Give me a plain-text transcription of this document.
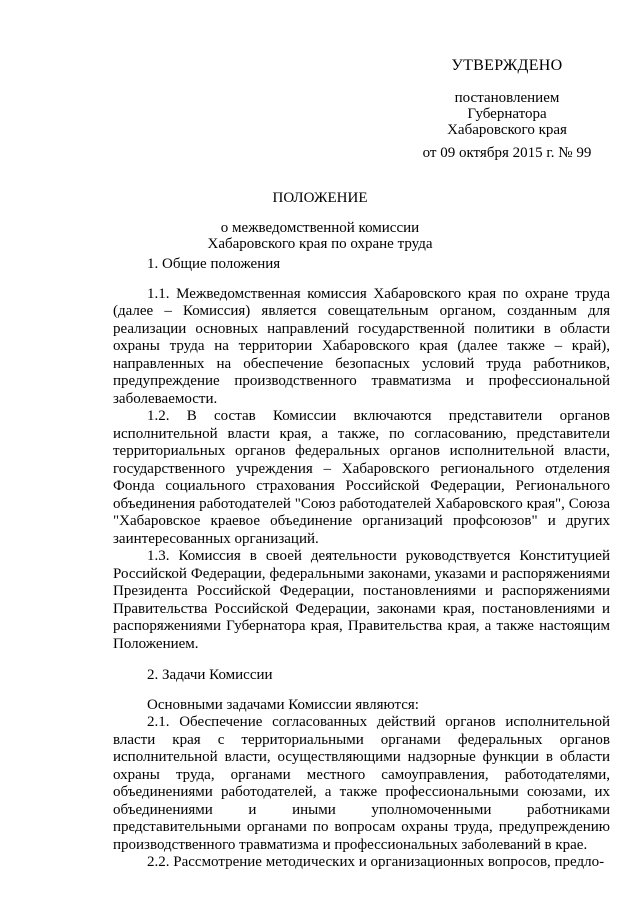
УТВЕРЖДЕНО
постановлением
Губернатора
Хабаровского края
от 09 октября 2015 г. № 99
ПОЛОЖЕНИЕ
о межведомственной комиссии
Хабаровского края по охране труда
1. Общие положения

1.1. Межведомственная комиссия Хабаровского края по охране труда (далее – Комиссия) является совещательным органом, созданным для реализации основных направлений государственной политики в области охраны труда на территории Хабаровского края (далее также – край), направленных на обеспечение безопасных условий труда работников, предупреждение производственного травматизма и профессиональной заболеваемости.

1.2. В состав Комиссии включаются представители органов исполнительной власти края, а также, по согласованию, представители территориальных органов федеральных органов исполнительной власти, государственного учреждения – Хабаровского регионального отделения Фонда социального страхования Российской Федерации, Регионального объединения работодателей "Союз работодателей Хабаровского края", Союза "Хабаровское краевое объединение организаций профсоюзов" и других заинтересованных организаций.

1.3. Комиссия в своей деятельности руководствуется Конституцией Российской Федерации, федеральными законами, указами и распоряжениями Президента Российской Федерации, постановлениями и распоряжениями Правительства Российской Федерации, законами края, постановлениями и распоряжениями Губернатора края, Правительства края, а также настоящим Положением.

2. Задачи Комиссии

Основными задачами Комиссии являются:

2.1. Обеспечение согласованных действий органов исполнительной власти края с территориальными органами федеральных органов исполнительной власти, осуществляющими надзорные функции в области охраны труда, органами местного самоуправления, работодателями, объединениями работодателей, а также профессиональными союзами, их объединениями и иными уполномоченными работниками представительными органами по вопросам охраны труда, предупреждению производственного травматизма и профессиональных заболеваний в крае.

2.2. Рассмотрение методических и организационных вопросов, предло-
